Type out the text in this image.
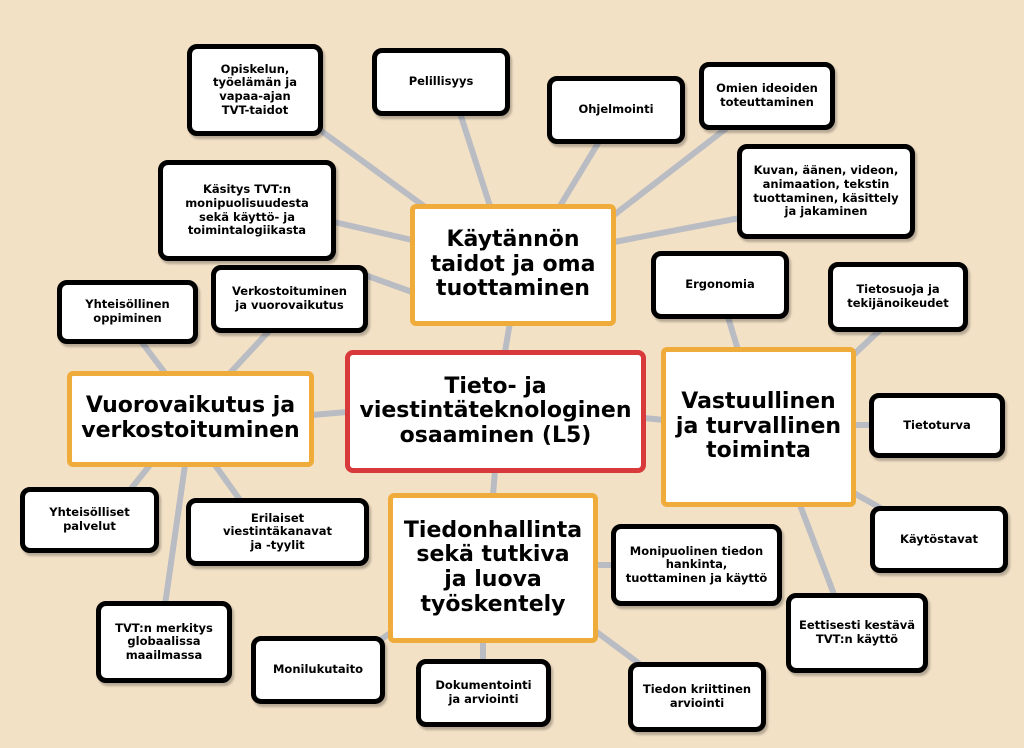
Tieto- ja
viestintäteknologinen
osaaminen (L5)
Käytännön
taidot ja oma
tuottaminen
Vuorovaikutus ja
verkostoituminen
Vastuullinen
ja turvallinen
toiminta
Tiedonhallinta
sekä tutkiva
ja luova
työskentely
Opiskelun,
työelämän ja
vapaa-ajan
TVT-taidot
Pelillisyys
Ohjelmointi
Omien ideoiden
toteuttaminen
Käsitys TVT:n
monipuolisuudesta
sekä käyttö- ja
toimintalogiikasta
Kuvan, äänen, videon,
animaation, tekstin
tuottaminen, käsittely
ja jakaminen
Ergonomia	Tietosuoja ja
tekijänoikeudet
Yhteisöllinen
oppiminen
Verkostoituminen
ja vuorovaikutus
Tietoturva
Yhteisölliset
palvelut
Erilaiset viestintäkanavat
ja -tyylit	Käytöstavat
Monipuolinen tiedon
hankinta,
tuottaminen ja käyttö
TVT:n merkitys
globaalissa
maailmassa
Eettisesti kestävä
TVT:n käyttö
Monilukutaito
Dokumentointi
ja arviointi
Tiedon kriittinen
arviointi
